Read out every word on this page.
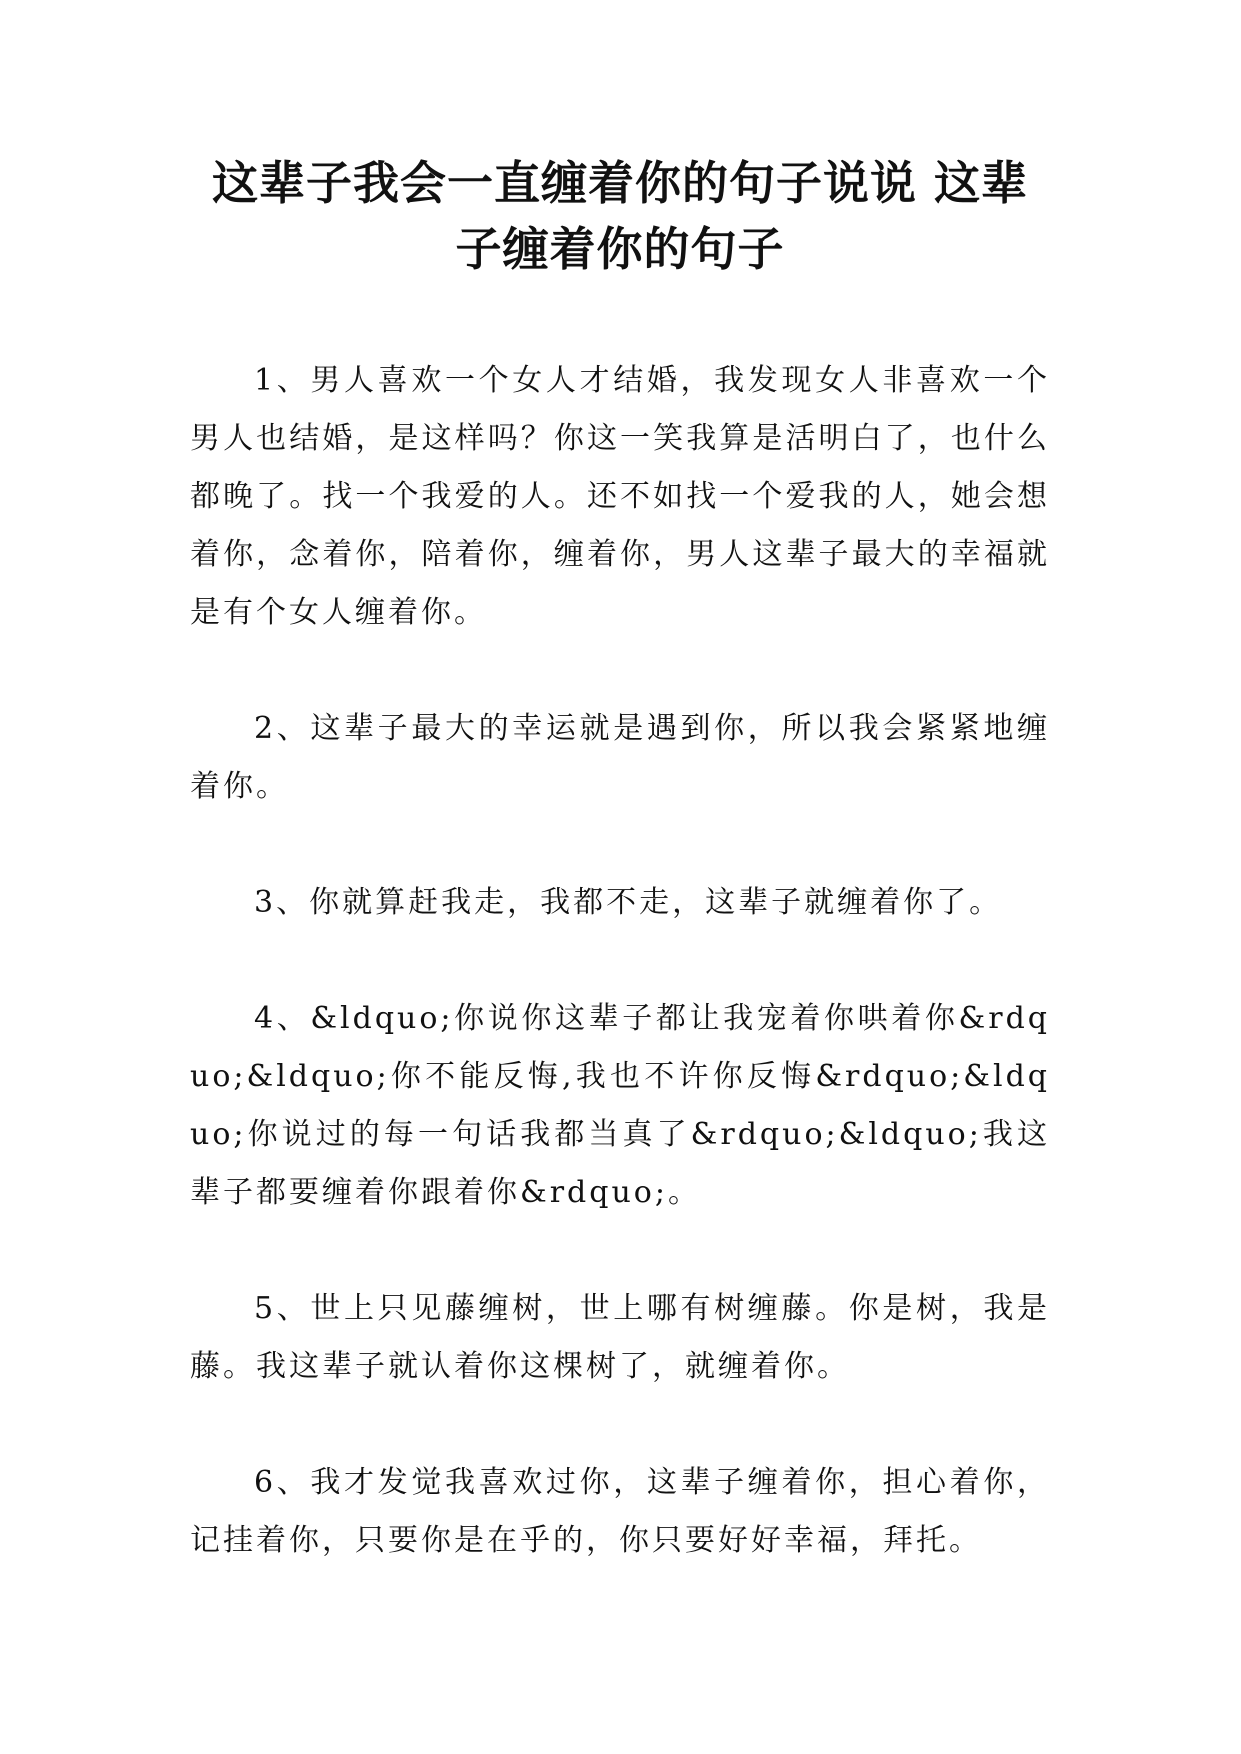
这辈子我会一直缠着你的句子说说 这辈子缠着你的句子

1、男人喜欢一个女人才结婚，我发现女人非喜欢一个男人也结婚，是这样吗？你这一笑我算是活明白了，也什么都晚了。找一个我爱的人。还不如找一个爱我的人，她会想着你，念着你，陪着你，缠着你，男人这辈子最大的幸福就是有个女人缠着你。

2、这辈子最大的幸运就是遇到你，所以我会紧紧地缠着你。

3、你就算赶我走，我都不走，这辈子就缠着你了。

4、&ldquo;你说你这辈子都让我宠着你哄着你&rdquo;&ldquo;你不能反悔,我也不许你反悔&rdquo;&ldquo;你说过的每一句话我都当真了&rdquo;&ldquo;我这辈子都要缠着你跟着你&rdquo;。

5、世上只见藤缠树，世上哪有树缠藤。你是树，我是藤。我这辈子就认着你这棵树了，就缠着你。

6、我才发觉我喜欢过你，这辈子缠着你，担心着你，记挂着你，只要你是在乎的，你只要好好幸福，拜托。
